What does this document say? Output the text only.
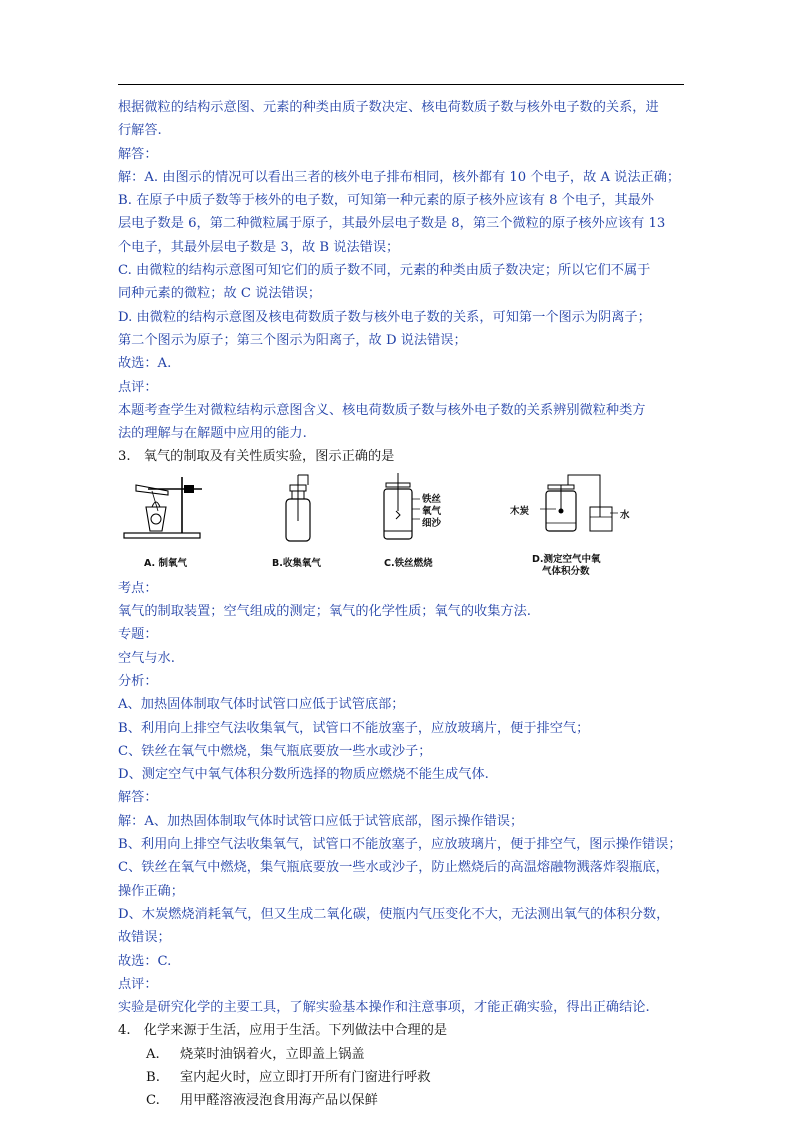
根据微粒的结构示意图、元素的种类由质子数决定、核电荷数质子数与核外电子数的关系，进
行解答.
解答：
解：A. 由图示的情况可以看出三者的核外电子排布相同，核外都有 10 个电子，故 A 说法正确；
B. 在原子中质子数等于核外的电子数，可知第一种元素的原子核外应该有 8 个电子，其最外
层电子数是 6，第二种微粒属于原子，其最外层电子数是 8，第三个微粒的原子核外应该有 13
个电子，其最外层电子数是 3，故 B 说法错误；
C. 由微粒的结构示意图可知它们的质子数不同，元素的种类由质子数决定；所以它们不属于
同种元素的微粒；故 C 说法错误；
D. 由微粒的结构示意图及核电荷数质子数与核外电子数的关系，可知第一个图示为阴离子；
第二个图示为原子；第三个图示为阳离子，故 D 说法错误；
故选：A.
点评：
本题考查学生对微粒结构示意图含义、核电荷数质子数与核外电子数的关系辨别微粒种类方
法的理解与在解题中应用的能力.
3.　氧气的制取及有关性质实验，图示正确的是
A. 制氧气	B.收集氧气
铁丝
氧气
细沙
C.铁丝燃烧
木炭	水
D.测定空气中氧
气体积分数
考点：
氧气的制取装置；空气组成的测定；氧气的化学性质；氧气的收集方法.
专题：
空气与水.
分析：
A、加热固体制取气体时试管口应低于试管底部；
B、利用向上排空气法收集氧气，试管口不能放塞子，应放玻璃片，便于排空气；
C、铁丝在氧气中燃烧，集气瓶底要放一些水或沙子；
D、测定空气中氧气体积分数所选择的物质应燃烧不能生成气体.
解答：
解：A、加热固体制取气体时试管口应低于试管底部，图示操作错误；
B、利用向上排空气法收集氧气，试管口不能放塞子，应放玻璃片，便于排空气，图示操作错误；
C、铁丝在氧气中燃烧，集气瓶底要放一些水或沙子，防止燃烧后的高温熔融物溅落炸裂瓶底，
操作正确；
D、木炭燃烧消耗氧气，但又生成二氧化碳，使瓶内气压变化不大，无法测出氧气的体积分数，
故错误；
故选：C.
点评：
实验是研究化学的主要工具，了解实验基本操作和注意事项，才能正确实验，得出正确结论.
4.　化学来源于生活，应用于生活。下列做法中合理的是
A. 烧菜时油锅着火，立即盖上锅盖
B. 室内起火时，应立即打开所有门窗进行呼救
C. 用甲醛溶液浸泡食用海产品以保鲜
